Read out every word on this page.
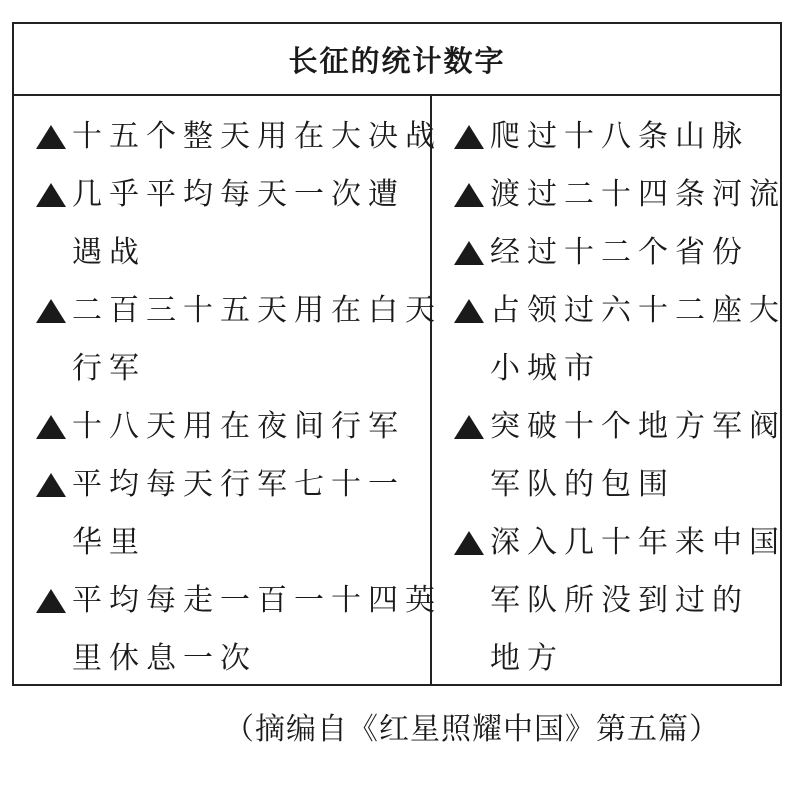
长征的统计数字
十五个整天用在大决战
几乎平均每天一次遭
遇战
二百三十五天用在白天
行军
十八天用在夜间行军
平均每天行军七十一
华里
平均每走一百一十四英
里休息一次
爬过十八条山脉
渡过二十四条河流
经过十二个省份
占领过六十二座大
小城市
突破十个地方军阀
军队的包围
深入几十年来中国
军队所没到过的
地方
（摘编自《红星照耀中国》第五篇）
